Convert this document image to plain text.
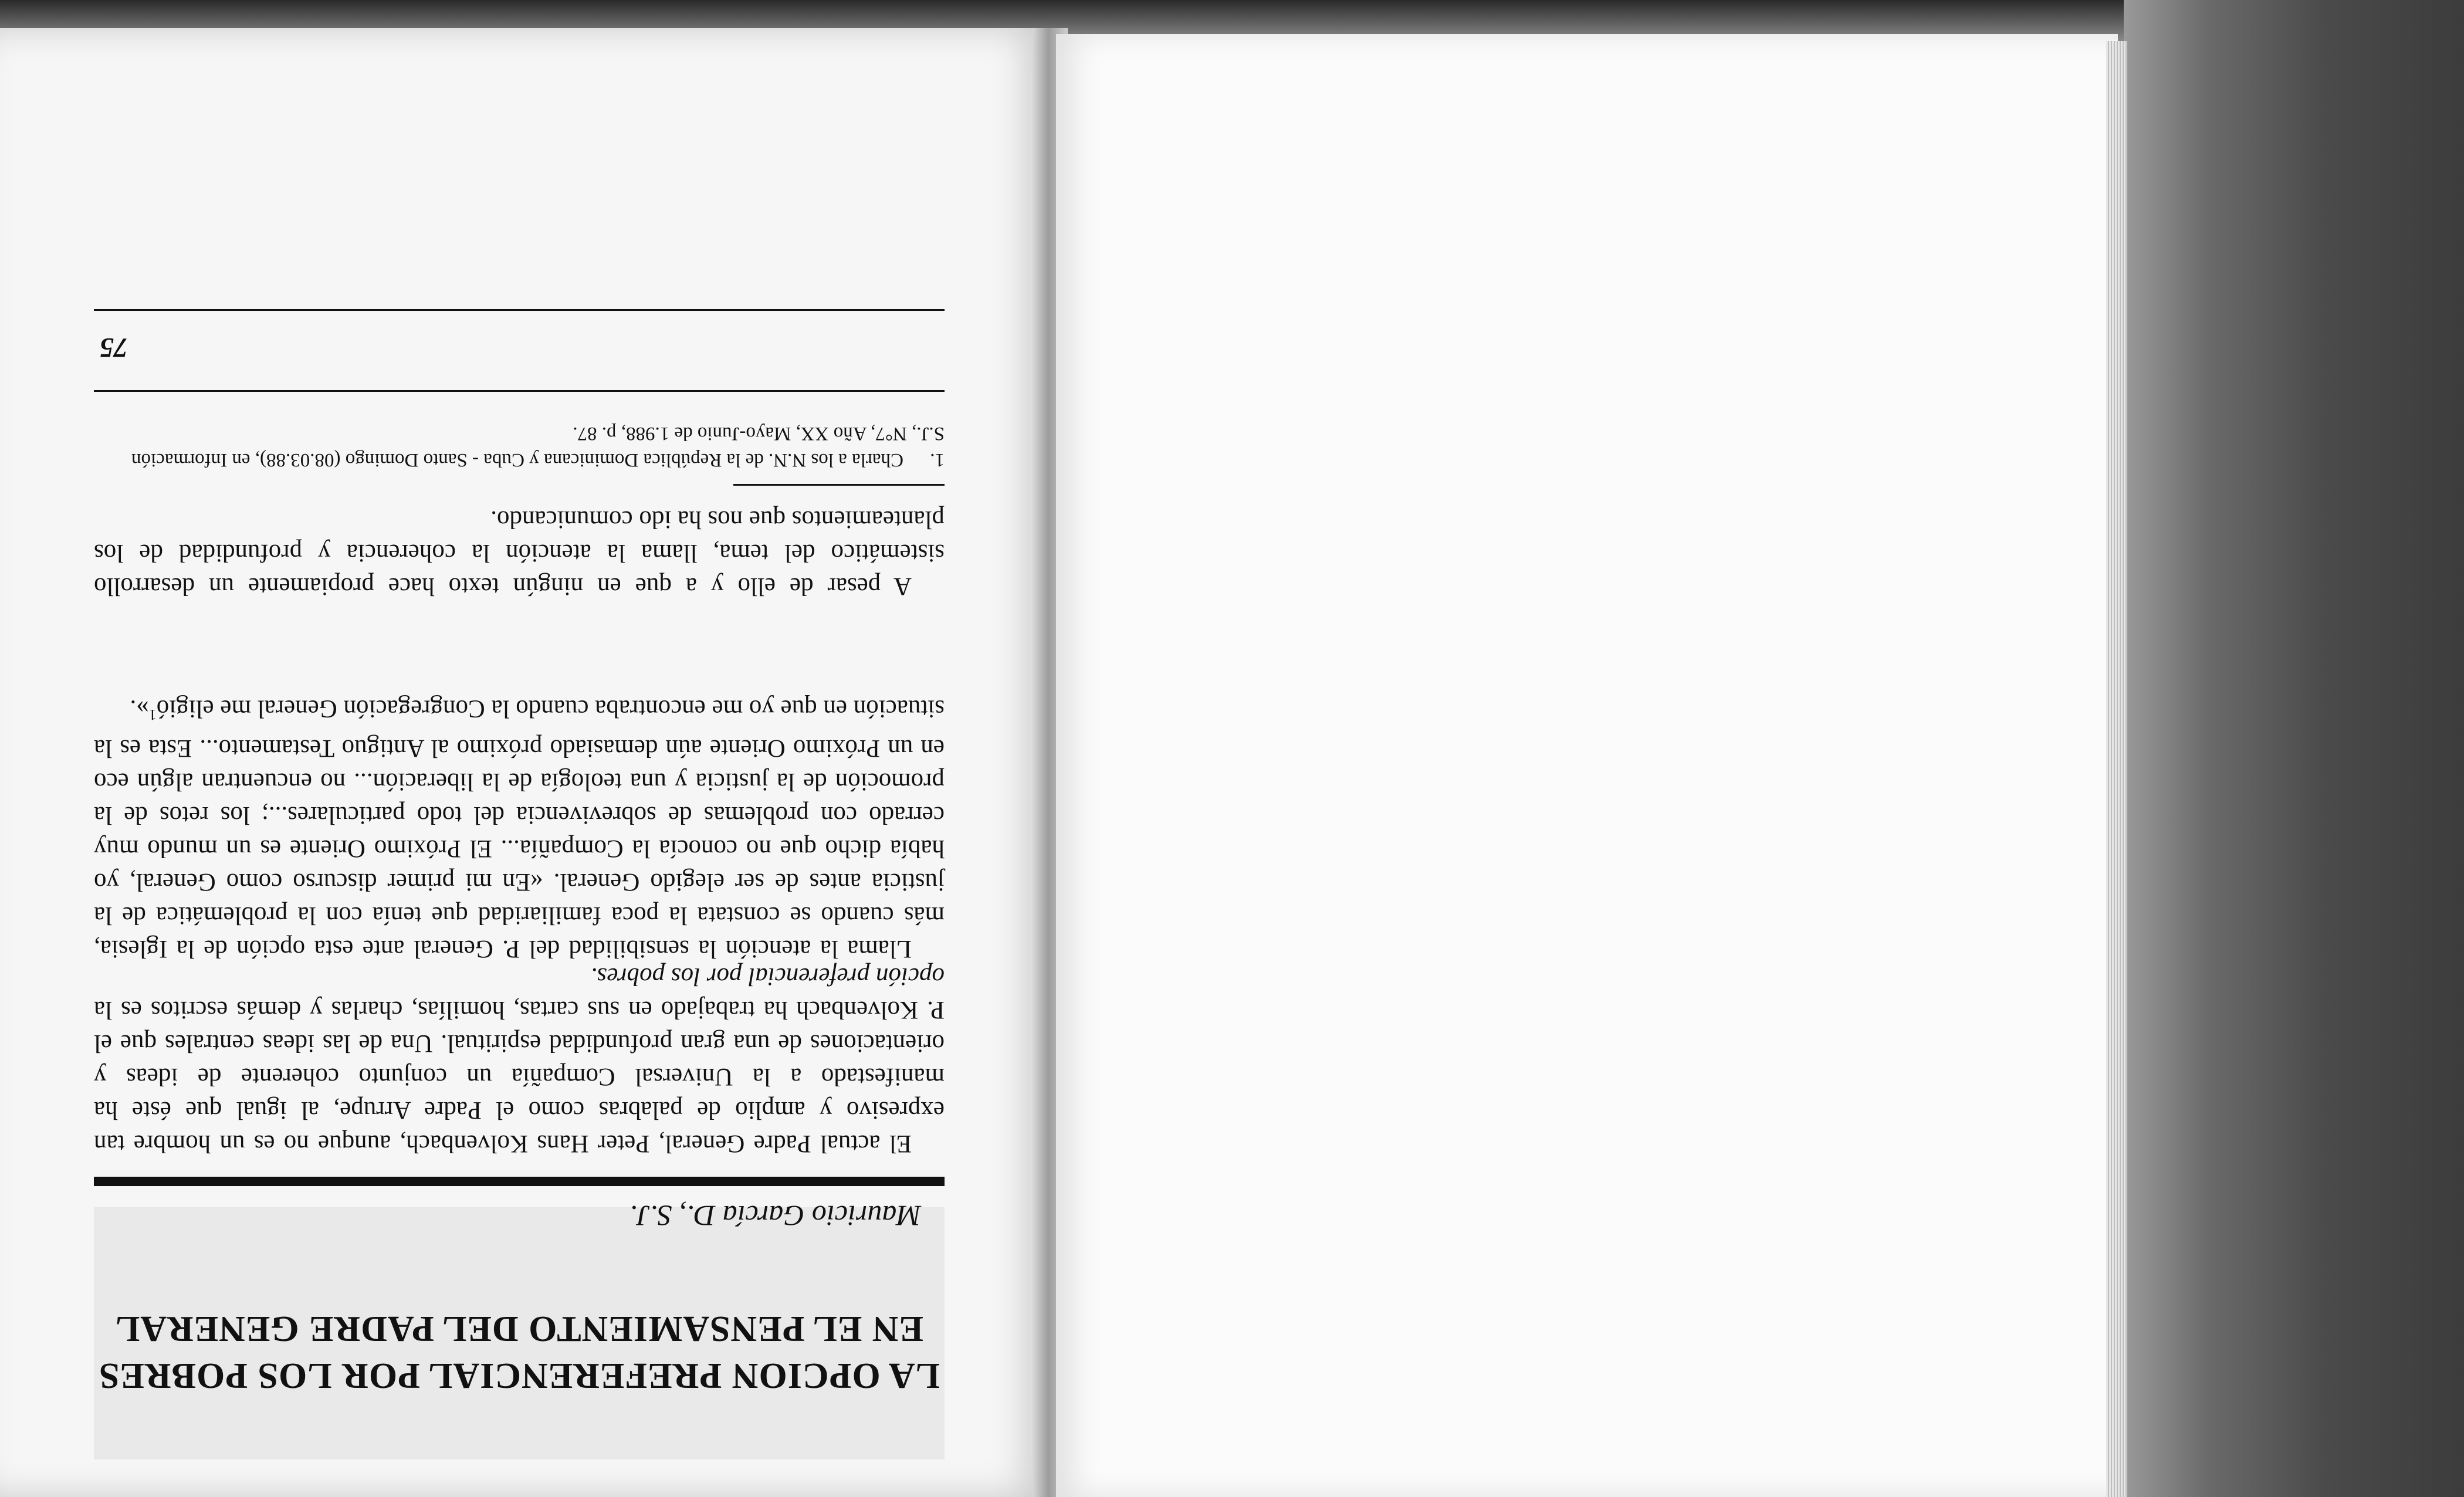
LA OPCION PREFERENCIAL POR LOS POBRES
EN EL PENSAMIENTO DEL PADRE GENERAL
Mauricio García D., S.J.

El actual Padre General, Peter Hans Kolvenbach, aunque no es un hombre tan expresivo y amplio de palabras como el Padre Arrupe, al igual que éste ha manifestado a la Universal Compañía un conjunto coherente de ideas y orientaciones de una gran profundidad espiritual. Una de las ideas centrales que el P. Kolvenbach ha trabajado en sus cartas, homilías, charlas y demás escritos es la opción preferencial por los pobres.

Llama la atención la sensibilidad del P. General ante esta opción de la Iglesia, más cuando se constata la poca familiaridad que tenía con la problemática de la justicia antes de ser elegido General. «En mi primer discurso como General, yo había dicho que no conocía la Compañía... El Próximo Oriente es un mundo muy cerrado con problemas de sobrevivencia del todo particulares...; los retos de la promoción de la justicia y una teología de la liberación... no encuentran algún eco en un Próximo Oriente aún demasiado próximo al Antiguo Testamento... Esta es la situación en que yo me encontraba cuando la Congregación General me eligió$^1$».

A pesar de ello y a que en ningún texto hace propiamente un desarrollo sistemático del tema, llama la atención la coherencia y profundidad de los planteamientos que nos ha ido comunicando.

1.Charla a los N.N. de la República Dominicana y Cuba - Santo Domingo (08.03.88), en Información S.J., N°7, Año XX, Mayo-Junio de 1.988, p. 87.
75
